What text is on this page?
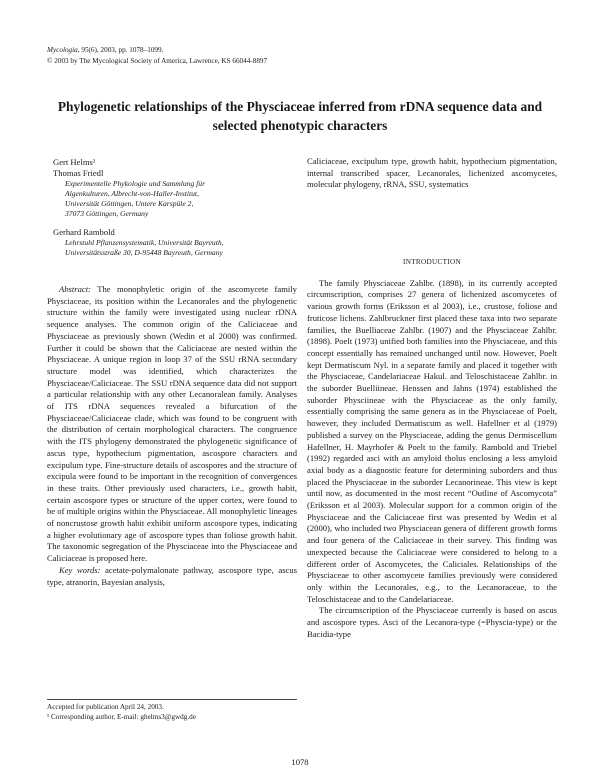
Mycologia, 95(6), 2003, pp. 1078–1099.
© 2003 by The Mycological Society of America, Lawrence, KS 66044-8897
Phylogenetic relationships of the Physciaceae inferred from rDNA sequence data and selected phenotypic characters
Gert Helms¹
Thomas Friedl
Experimentelle Phykologie und Sammlung für
Algenkulturen, Albrecht-von-Haller-Institut,
Universität Göttingen, Untere Karspüle 2,
37073 Göttingen, Germany
Gerhard Rambold
Lehrstuhl Pflanzensystematik, Universität Bayreuth,
Universitätsstraße 30, D-95448 Bayreuth, Germany

Abstract: The monophyletic origin of the ascomycete family Physciaceae, its position within the Lecanorales and the phylogenetic structure within the family were investigated using nuclear rDNA sequence analyses. The common origin of the Caliciaceae and Physciaceae as previously shown (Wedin et al 2000) was confirmed. Further it could be shown that the Caliciaceae are nested within the Physciaceae. A unique region in loop 37 of the SSU rRNA secondary structure model was identified, which characterizes the Physciaceae/Caliciaceae. The SSU rDNA sequence data did not support a particular relationship with any other Lecanoralean family. Analyses of ITS rDNA sequences revealed a bifurcation of the Physciaceae/Caliciaceae clade, which was found to be congruent with the distribution of certain morphological characters. The congruence with the ITS phylogeny demonstrated the phylogenetic significance of ascus type, hypothecium pigmentation, ascospore characters and excipulum type. Fine-structure details of ascospores and the structure of excipula were found to be important in the recognition of convergences in these traits. Other previously used characters, i.e., growth habit, certain ascospore types or structure of the upper cortex, were found to be of multiple origins within the Physciaceae. All monophyletic lineages of noncrustose growth habit exhibit uniform ascospore types, indicating a higher evolutionary age of ascospore types than foliose growth habit. The taxonomic segregation of the Physciaceae into the Physciaceae and Caliciaceae is proposed here.

Key words: acetate-polymalonate pathway, ascospore type, ascus type, atranorin, Bayesian analysis,

Caliciaceae, excipulum type, growth habit, hypothecium pigmentation, internal transcribed spacer, Lecanorales, lichenized ascomycetes, molecular phylogeny, rRNA, SSU, systematics

INTRODUCTION

The family Physciaceae Zahlbr. (1898), in its currently accepted circumscription, comprises 27 genera of lichenized ascomycetes of various growth forms (Eriksson et al 2003), i.e., crustose, foliose and fruticose lichens. Zahlbruckner first placed these taxa into two separate families, the Buelliaceae Zahlbr. (1907) and the Physciaceae Zahlbr. (1898). Poelt (1973) unified both families into the Physciaceae, and this concept essentially has remained unchanged until now. However, Poelt kept Dermatiscum Nyl. in a separate family and placed it together with the Physciaceae, Candelariaceae Hakul. and Teloschistaceae Zahlbr. in the suborder Buelliineae. Henssen and Jahns (1974) established the suborder Physciineae with the Physciaceae as the only family, essentially comprising the same genera as in the Physciaceae of Poelt, however, they included Dermatiscum as well. Hafellner et al (1979) published a survey on the Physciaceae, adding the genus Dermiscellum Hafellner, H. Mayrhofer & Poelt to the family. Rambold and Triebel (1992) regarded asci with an amyloid tholus enclosing a less amyloid axial body as a diagnostic feature for determining suborders and thus placed the Physciaceae in the suborder Lecanorineae. This view is kept until now, as documented in the most recent “Outline of Ascomycota” (Eriksson et al 2003). Molecular support for a common origin of the Physciaceae and the Caliciaceae first was presented by Wedin et al (2000), who included two Physciacean genera of different growth forms and four genera of the Caliciaceae in their survey. This finding was unexpected because the Caliciaceae were considered to belong to a different order of Ascomycetes, the Caliciales. Relationships of the Physciaceae to other ascomycete families previously were considered only within the Lecanorales, e.g., to the Lecanoraceae, to the Teloschistaceae and to the Candelariaceae.

The circumscription of the Physciaceae currently is based on ascus and ascospore types. Asci of the Lecanora-type (=Physcia-type) or the Bacidia-type

Accepted for publication April 24, 2003.
¹ Corresponding author. E-mail: ghelms3@gwdg.de
1078
